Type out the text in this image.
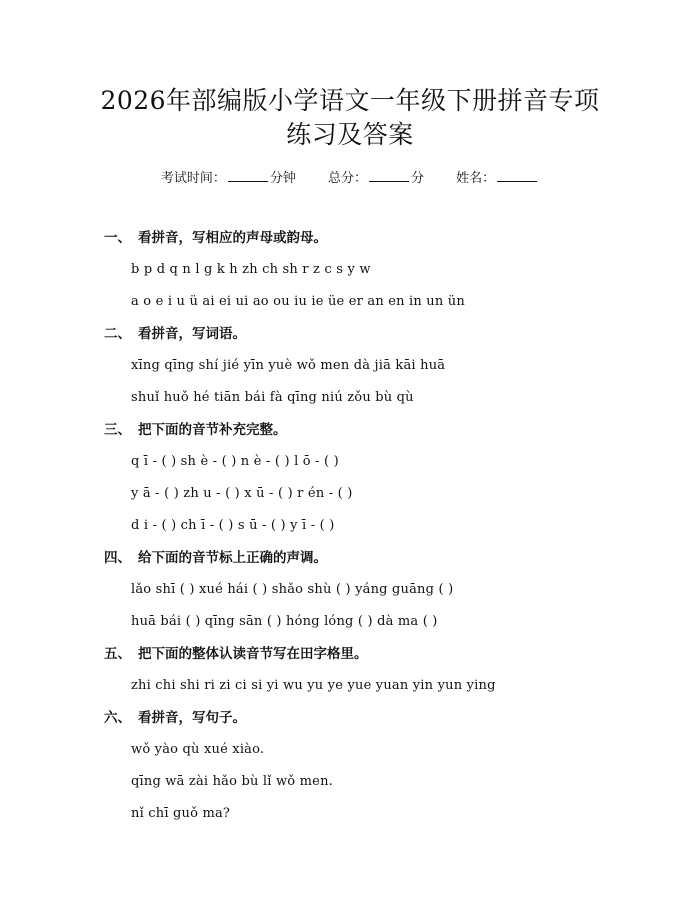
2026年部编版小学语文一年级下册拼音专项
练习及答案
考试时间：	分钟 总分：	分 姓名：
一、 看拼音，写相应的声母或韵母。
b p d q n l g k h zh ch sh r z c s y w
a o e i u ü ai ei ui ao ou iu ie üe er an en in un ün
二、 看拼音，写词语。
xīng qīng shí jié yīn yuè wǒ men dà jiā kāi huā
shuǐ huǒ hé tiān bái fà qīng niú zǒu bù qù
三、 把下面的音节补充完整。
q ī - ( ) sh è - ( ) n è - ( ) l ō - ( )
y ā - ( ) zh u - ( ) x ū - ( ) r én - ( )
d i - ( ) ch ī - ( ) s ū - ( ) y ī - ( )
四、 给下面的音节标上正确的声调。
lǎo shī ( ) xué hái ( ) shǎo shù ( ) yáng guāng ( )
huā bái ( ) qīng sān ( ) hóng lóng ( ) dà ma ( )
五、 把下面的整体认读音节写在田字格里。
zhi chi shi ri zi ci si yi wu yu ye yue yuan yin yun ying
六、 看拼音，写句子。
wǒ yào qù xué xiào.
qīng wā zài hǎo bù lǐ wǒ men.
nǐ chī guǒ ma?
